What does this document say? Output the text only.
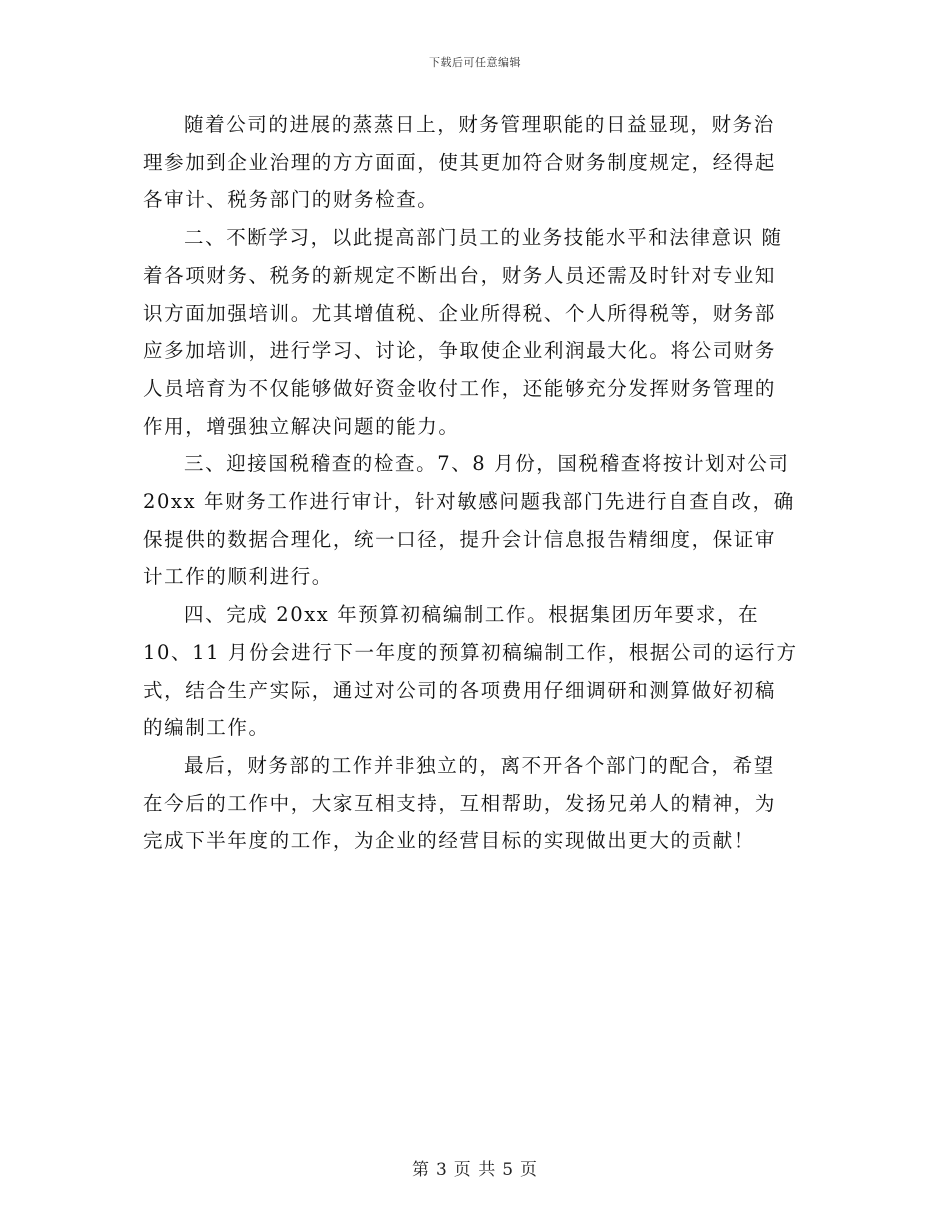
下载后可任意编辑

随着公司的进展的蒸蒸日上，财务管理职能的日益显现，财务治
理参加到企业治理的方方面面，使其更加符合财务制度规定，经得起
各审计、税务部门的财务检查。

二、不断学习，以此提高部门员工的业务技能水平和法律意识 随
着各项财务、税务的新规定不断出台，财务人员还需及时针对专业知
识方面加强培训。尤其增值税、企业所得税、个人所得税等，财务部
应多加培训，进行学习、讨论，争取使企业利润最大化。将公司财务
人员培育为不仅能够做好资金收付工作，还能够充分发挥财务管理的
作用，增强独立解决问题的能力。

三、迎接国税稽查的检查。7、8 月份，国税稽查将按计划对公司
20xx 年财务工作进行审计，针对敏感问题我部门先进行自查自改，确
保提供的数据合理化，统一口径，提升会计信息报告精细度，保证审
计工作的顺利进行。

四、完成 20xx 年预算初稿编制工作。根据集团历年要求，在
10、11 月份会进行下一年度的预算初稿编制工作，根据公司的运行方
式，结合生产实际，通过对公司的各项费用仔细调研和测算做好初稿
的编制工作。

最后，财务部的工作并非独立的，离不开各个部门的配合，希望
在今后的工作中，大家互相支持，互相帮助，发扬兄弟人的精神，为
完成下半年度的工作，为企业的经营目标的实现做出更大的贡献！

第 3 页 共 5 页
